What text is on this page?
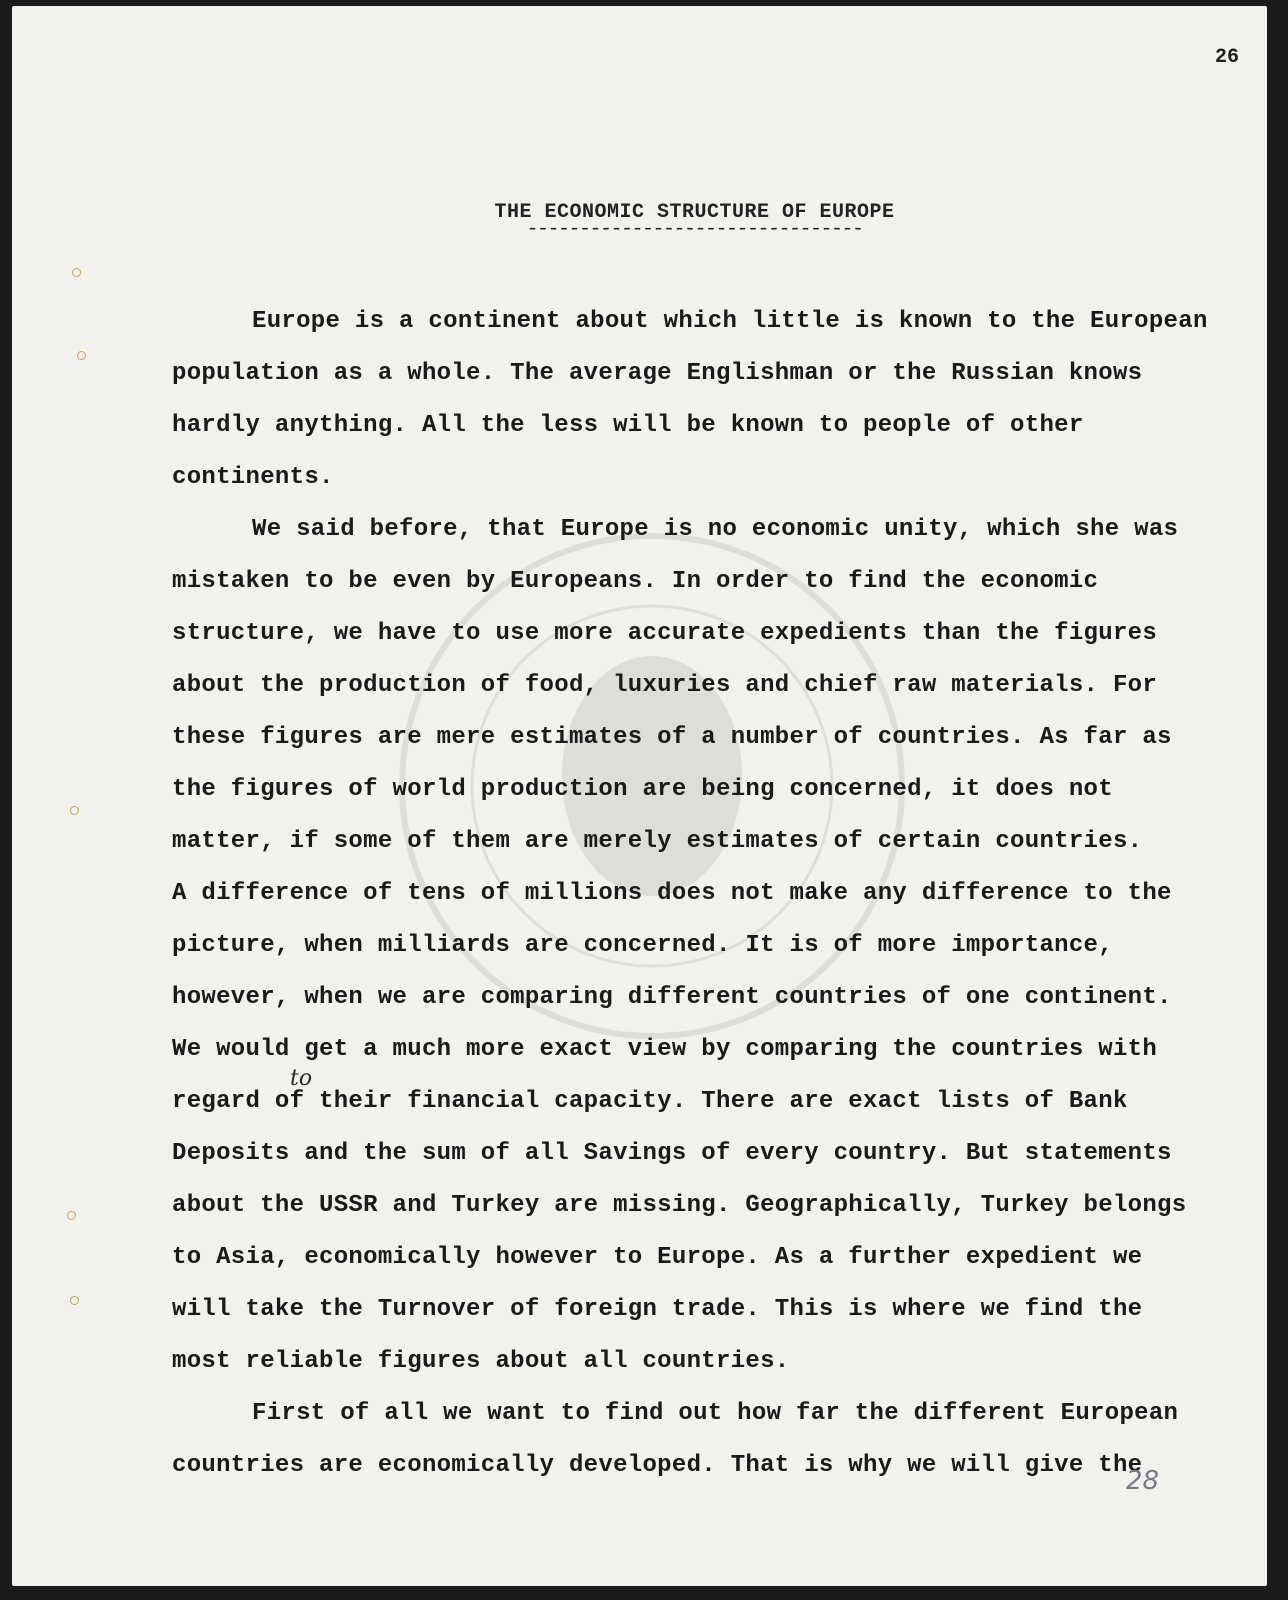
26
THE ECONOMIC STRUCTURE OF EUROPE
--------------------------------
to
Europe is a continent about which little is known to the European
population as a whole. The average Englishman or the Russian knows
hardly anything. All the less will be known to people of other
continents.
We said before, that Europe is no economic unity, which she was
mistaken to be even by Europeans. In order to find the economic
structure, we have to use more accurate expedients than the figures
about the production of food, luxuries and chief raw materials. For
these figures are mere estimates of a number of countries. As far as
the figures of world production are being concerned, it does not
matter, if some of them are merely estimates of certain countries.
A difference of tens of millions does not make any difference to the
picture, when milliards are concerned. It is of more importance,
however, when we are comparing different countries of one continent.
We would get a much more exact view by comparing the countries with
regard of their financial capacity. There are exact lists of Bank
Deposits and the sum of all Savings of every country. But statements
about the USSR and Turkey are missing. Geographically, Turkey belongs
to Asia, economically however to Europe. As a further expedient we
will take the Turnover of foreign trade. This is where we find the
most reliable figures about all countries.
First of all we want to find out how far the different European
countries are economically developed. That is why we will give the
28
